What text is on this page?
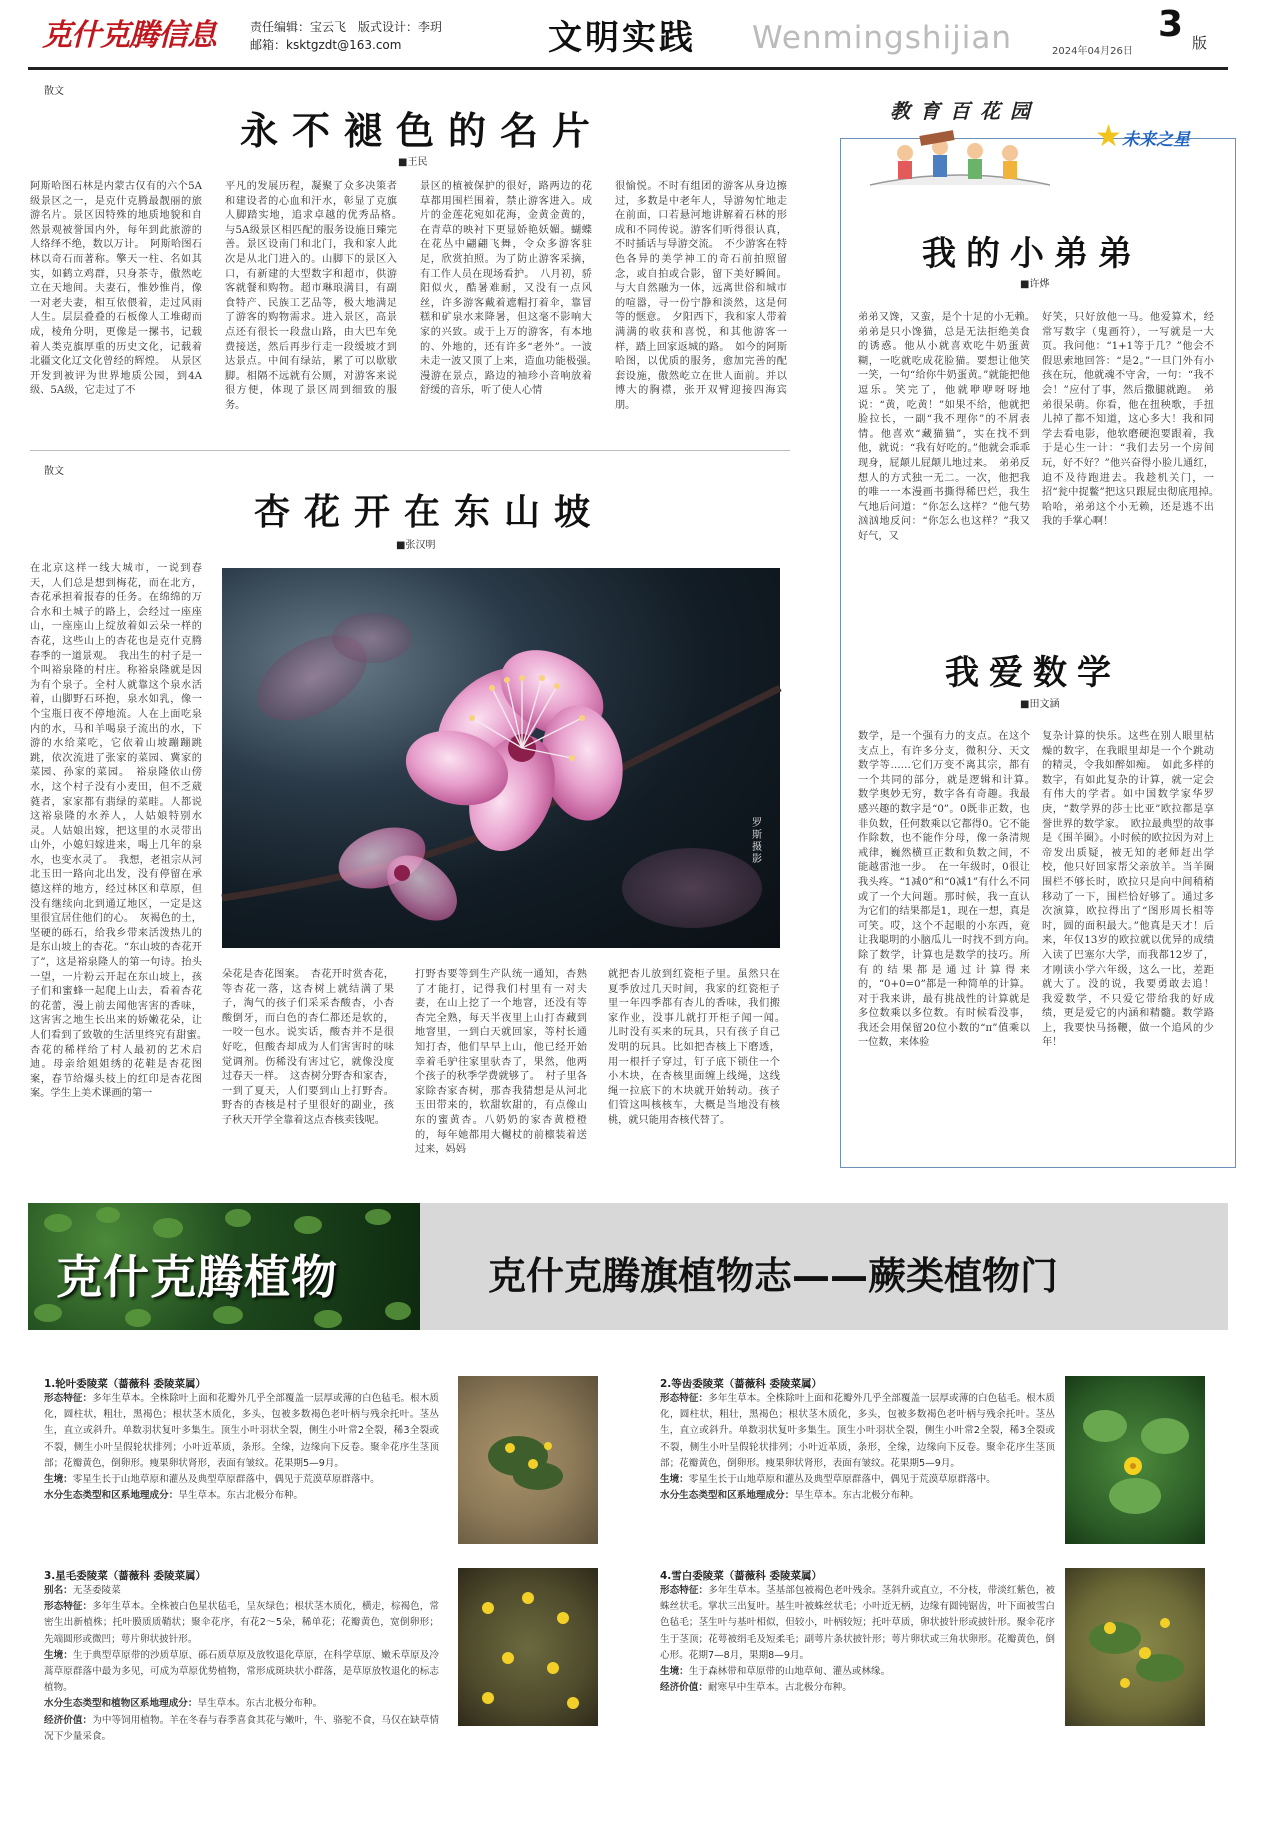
克什克腾信息	责任编辑：宝云飞　版式设计：李玥
邮箱：ksktgzdt@163.com	文明实践 Wenmingshijian	2024年04月26日
3 版
散文
永不褪色的名片
■王民
阿斯哈图石林是内蒙古仅有的六个5A级景区之一，是克什克腾最靓丽的旅游名片。景区因特殊的地质地貌和自然景观被誉国内外，每年到此旅游的人络绎不绝，数以万计。　阿斯哈图石林以奇石而著称。擎天一柱、名如其实，如鹤立鸡群，只身茶寺，傲然屹立在天地间。夫妻石，惟妙惟肖，像一对老夫妻，相互依偎着，走过风雨人生。层层叠叠的石板像人工堆砌而成，棱角分明，更像是一摞书，记载着人类克旗厚重的历史文化，记载着北疆文化辽文化曾经的辉煌。　从景区开发到被评为世界地质公园，到4A级、5A级，它走过了不
平凡的发展历程，凝聚了众多决策者和建设者的心血和汗水，彰显了克旗人脚踏实地，追求卓越的优秀品格。　与5A级景区相匹配的服务设施日臻完善。景区设南门和北门，我和家人此次是从北门进入的。山脚下的景区入口，有新建的大型数字和超市，供游客就餐和购物。超市琳琅满目，有副食特产、民族工艺品等，极大地满足了游客的购物需求。进入景区，高景点还有很长一段盘山路，由大巴车免费接送，然后再步行走一段缓坡才到达景点。中间有绿站，累了可以歇歇脚。相隔不远就有公厕，对游客来说很方便，体现了景区周到细致的服务。
景区的植被保护的很好，路两边的花草都用围栏围着，禁止游客进入。成片的金莲花宛如花海，金黄金黄的，在青草的映衬下更显娇艳妖媚。蝴蝶在花丛中翩翩飞舞，令众多游客驻足，欣赏拍照。为了防止游客采摘，有工作人员在现场看护。　八月初，骄阳似火，酷暑难耐，又没有一点风丝，许多游客戴着遮帽打着伞，靠冒糕和矿泉水来降暑，但这毫不影响大家的兴致。或于上万的游客，有本地的、外地的，还有许多“老外”。一波未走一波又顶了上来，造血功能极强。　漫游在景点，路边的袖珍小音响放着舒缓的音乐，听了使人心情
很愉悦。不时有组团的游客从身边擦过，多数是中老年人，导游匆忙地走在前面，口若悬河地讲解着石林的形成和不同传说。游客们听得很认真，不时插话与导游交流。　不少游客在特色各异的美学神工的奇石前拍照留念，或自拍或合影，留下美好瞬间。与大自然融为一体，远离世俗和城市的喧嚣，寻一份宁静和淡然，这是何等的惬意。　夕阳西下，我和家人带着满满的收获和喜悦，和其他游客一样，踏上回家返城的路。　如今的阿斯哈图，以优质的服务，愈加完善的配套设施，傲然屹立在世人面前。并以博大的胸襟，张开双臂迎接四海宾朋。
散文
杏花开在东山坡
■张汉明
在北京这样一线大城市，一说到春天，人们总是想到梅花，而在北方，杏花承担着报春的任务。在绵绵的万合水和土城子的路上，会经过一座座山，一座座山上绽放着如云朵一样的杏花，这些山上的杏花也是克什克腾春季的一道景观。　我出生的村子是一个叫裕泉隆的村庄。称裕泉隆就是因为有个泉子。全村人就靠这个泉水活着，山脚野石环抱，泉水如乳，像一个宝瓶日夜不停地流。人在上面吃泉内的水，马和羊喝泉子流出的水，下游的水给菜吃，它依着山坡蹦蹦跳跳，依次流进了张家的菜园、冀家的菜园、孙家的菜园。　裕泉隆依山傍水，这个村子没有小麦田，但不乏葳蕤者，家家都有翡绿的菜畦。人都说这裕泉隆的水养人，人姑娘特别水灵。人姑娘出嫁，把这里的水灵带出山外，小媳妇嫁进来，喝上几年的泉水，也变水灵了。　我想，老祖宗从河北玉田一路向北出发，没有停留在承德这样的地方，经过林区和草原，但没有继续向北到通辽地区，一定是这里很宜居住他们的心。　灰褐色的土，坚硬的砾石，给我乡带来活泼热儿的是东山坡上的杏花。“东山坡的杏花开了”，这是裕泉隆人的第一句诗。抬头一望，一片粉云开起在东山坡上，孩子们和蜜蜂一起爬上山去，看着杏花的花蕾，漫上前去闻他害害的香味，这害害之地生长出来的娇嫩花朵，让人们看到了致敬的生活里终究有甜蜜。　杏花的稀样给了村人最初的艺术启迪。母亲给姐姐绣的花鞋是杏花图案，春节给爆头枝上的红印是杏花图案。学生上美术课画的第一
罗斯 摄影
朵花是杏花图案。　杏花开时赏杏花，等杏花一落，这杏树上就结满了果子，淘气的孩子们采采杏酸杏，小杏酸倒牙，而白色的杏仁都还是软的，一咬一包水。说实话，酸杏并不是很好吃，但酸杏却成为人们害害时的味觉调剂。伤稀没有害过它，就像没度过春天一样。　这杏树分野杏和家杏，一到了夏天，人们要到山上打野杏。野杏的杏核是村子里很好的副业，孩子秋天开学全靠着这点杏核卖钱呢。
打野杏要等到生产队统一通知，杏熟了才能打，记得我们村里有一对夫妻，在山上挖了一个地窨，还没有等杏完全熟，每天半夜里上山打杏藏到地窨里，一到白天就回家，等村长通知打杏，他们早早上山，他已经开始幸着毛驴往家里驮杏了，果然，他两个孩子的秋季学费就够了。　村子里各家除杏家杏树，那杏我猜想是从河北玉田带来的，软甜软甜的，有点像山东的蜜黄杏。八奶奶的家杏黄橙橙的，每年她都用大樾杖的前檩装着送过来，妈妈
就把杏儿放到红瓷柜子里。虽然只在夏季放过几天时间，我家的红瓷柜子里一年四季都有杏儿的香味，我们搬家作业，没事儿就打开柜子闻一闻。　儿时没有买来的玩具，只有孩子自己发明的玩具。比如把杏核上下磨透，用一根扦子穿过，钉子底下锁住一个小木块，在杏核里面缠上线绳，这线绳一拉底下的木块就开始转动。孩子们管这叫核核车，大概是当地没有核桃，就只能用杏核代替了。
教育百花园
★ 未来之星
我的小弟弟
■许烨
弟弟又馋，又蛮，是个十足的小无赖。　弟弟是只小馋猫，总是无法拒绝美食的诱惑。他从小就喜欢吃牛奶蛋黄糊，一吃就吃成花脸猫。要想让他笑一笑，一句“给你牛奶蛋黄。”就能把他逗乐。笑完了，他就咿咿呀呀地说：“黄，吃黄！”如果不给，他就把脸拉长，一副“我不理你”的不屑表情。他喜欢“藏猫猫”，实在找不到他，就说：“我有好吃的。”他就会乖乖现身，屁颠儿屁颠儿地过来。　弟弟反想人的方式独一无二。一次，他把我的唯一一本漫画书撕得稀巴烂，我生气地后问道：“你怎么这样？”他气势汹汹地反问：“你怎么也这样？”我又好气，又
好笑，只好放他一马。他爱算术，经常写数字（鬼画符），一写就是一大页。我问他：“1+1等于几？”他会不假思索地回答：“是2。”一旦门外有小孩在玩，他就魂不守舍，一句：“我不会！”应付了事，然后撒腿就跑。　弟弟很呆萌。你看，他在扭秧歌，手扭儿掉了都不知道，这心多大！我和同学去看电影，他软磨硬泡要跟着，我于是心生一计：“我们去另一个房间玩，好不好？”他兴奋得小脸儿通红，迫不及待跑进去。我趁机关门，一招“瓮中捉鳖”把这只跟屁虫彻底甩掉。　哈哈，弟弟这个小无赖，还是逃不出我的手掌心啊！
我爱数学
■田文涵
数学，是一个强有力的支点。在这个支点上，有许多分支，微积分、天文数学等……它们万变不离其宗，都有一个共同的部分，就是逻辑和计算。　数学奥妙无穷，数字各有奇趣。我最感兴趣的数字是“0”。0既非正数，也非负数，任何数乘以它都得0。它不能作除数，也不能作分母，像一条清规戒律，巍然横亘正数和负数之间，不能越雷池一步。　在一年级时，0很让我头疼。“1减0”和“0减1”有什么不同或了一个大问题。那时候，我一直认为它们的结果都是1，现在一想，真是可笑。哎，这个不起眼的小东西，竟让我聪明的小脑瓜儿一时找不到方向。　除了数学，计算也是数学的技巧。所有的结果都是通过计算得来的，“0+0=0”都是一种简单的计算。对于我来讲，最有挑战性的计算就是多位数乘以多位数。有时候看没事，我还会用保留20位小数的“π”值乘以一位数，来体验
复杂计算的快乐。这些在别人眼里枯燥的数字，在我眼里却是一个个跳动的精灵，令我如醉如痴。　如此多样的数字，有如此复杂的计算，就一定会有伟大的学者。如中国数学家华罗庚，“数学界的莎士比亚”欧拉都是享誉世界的数学家。　欧拉最典型的故事是《围羊圈》。小时候的欧拉因为对上帝发出质疑，被无知的老师赶出学校，他只好回家帮父亲放羊。当羊圈围栏不够长时，欧拉只是向中间稍稍移动了一下，围栏恰好够了。通过多次演算，欧拉得出了“图形周长相等时，圆的面积最大。”他真是天才！后来，年仅13岁的欧拉就以优异的成绩入读了巴塞尔大学，而我都12岁了，才刚读小学六年级，这么一比，差距就大了。没的说，我要勇敢去追！　我爱数学，不只爱它带给我的好成绩，更是爱它的内涵和精髓。数学路上，我要快马扬鞭，做一个追风的少年！
克什克腾植物	克什克腾旗植物志——蕨类植物门
1.轮叶委陵菜（蔷薇科 委陵菜属）
形态特征：多年生草本。全株除叶上面和花瓣外几乎全部覆盖一层厚或薄的白色毡毛。根木质化，圆柱状，粗壮，黑褐色；根状茎木质化，多头，包被多数褐色老叶柄与残余托叶。茎丛生，直立或斜升。单数羽状复叶多集生。顶生小叶羽状全裂，侧生小叶常2全裂，稀3全裂或不裂，侧生小叶呈假轮状排列；小叶近革质，条形。全缘，边缘向下反卷。聚伞花序生茎顶部；花瓣黄色，倒卵形。瘦果卵状肾形，表面有皱纹。花果期5—9月。
生境：零星生长于山地草原和灌丛及典型草原群落中，偶见于荒漠草原群落中。
水分生态类型和区系地理成分：旱生草本。东古北极分布种。
2.等齿委陵菜（蔷薇科 委陵菜属）
形态特征：多年生草本。全株除叶上面和花瓣外几乎全部覆盖一层厚或薄的白色毡毛。根木质化，圆柱状，粗壮，黑褐色；根状茎木质化，多头，包被多数褐色老叶柄与残余托叶。茎丛生，直立或斜升。单数羽状复叶多集生。顶生小叶羽状全裂，侧生小叶常2全裂，稀3全裂或不裂，侧生小叶呈假轮状排列；小叶近革质，条形，全缘，边缘向下反卷。聚伞花序生茎顶部；花瓣黄色，倒卵形。瘦果卵状肾形，表面有皱纹。花果期5—9月。
生境：零星生长于山地草原和灌丛及典型草原群落中，偶见于荒漠草原群落中。
水分生态类型和区系地理成分：旱生草本。东古北极分布种。
3.星毛委陵菜（蔷薇科 委陵菜属）
别名：无茎委陵菜
形态特征：多年生草本。全株被白色星状毡毛，呈灰绿色；根状茎木质化，横走，棕褐色，常密生出新植株；托叶膜质质鞘状；聚伞花序，有花2～5朵，稀单花；花瓣黄色，宽倒卵形；先端圆形或微凹；萼片卵状披针形。
生境：生于典型草原带的沙质草原、砾石质草原及放牧退化草原，在科学草原、嫩禾草原及冷蒿草原群落中最为多见，可成为草原优势植物，常形成斑块状小群落，是草原放牧退化的标志植物。
水分生态类型和植物区系地理成分：旱生草本。东古北极分布种。
经济价值：为中等饲用植物。羊在冬春与春季喜食其花与嫩叶，牛、骆驼不食，马仅在缺草情况下少量采食。
4.雪白委陵菜（蔷薇科 委陵菜属）
形态特征：多年生草本。茎基部包被褐色老叶残余。茎斜升或直立，不分枝，带淡红紫色，被蛛丝状毛。掌状三出复叶。基生叶被蛛丝状毛；小叶近无柄，边缘有圆钝锯齿，叶下面被雪白色毡毛；茎生叶与基叶相似，但较小，叶柄较短；托叶草质，卵状披针形或披针形。聚伞花序生于茎顶；花萼被绢毛及短柔毛；副萼片条状披针形；萼片卵状或三角状卵形。花瓣黄色，倒心形。花期7—8月，果期8—9月。
生境：生于森林带和草原带的山地草甸、灌丛或林缘。
经济价值：耐寒早中生草本。古北极分布种。
